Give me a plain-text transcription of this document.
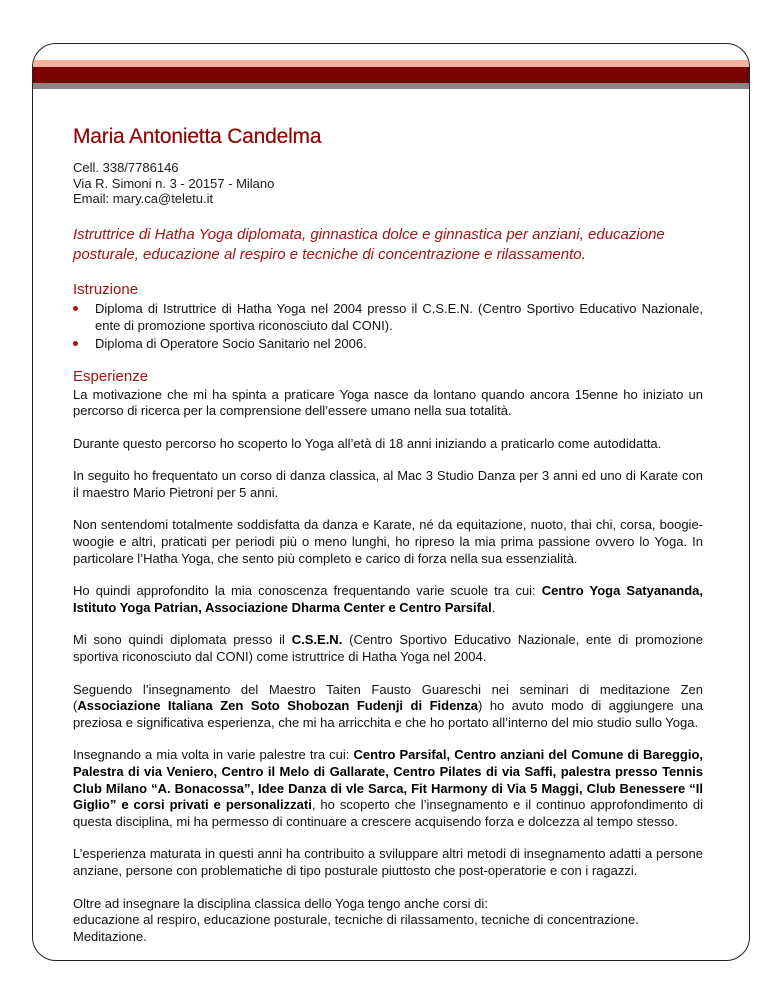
Maria Antonietta Candelma
Cell. 338/7786146
Via R. Simoni n. 3 - 20157 - Milano
Email: mary.ca@teletu.it
Istruttrice di Hatha Yoga diplomata, ginnastica dolce e ginnastica per anziani, educazione posturale, educazione al respiro e tecniche di concentrazione e rilassamento.
Istruzione
Diploma di Istruttrice di Hatha Yoga nel 2004 presso il C.S.E.N. (Centro Sportivo Educativo Nazionale, ente di promozione sportiva riconosciuto dal CONI).
Diploma di Operatore Socio Sanitario nel 2006.
Esperienze

La motivazione che mi ha spinta a praticare Yoga nasce da lontano quando ancora 15enne ho iniziato un percorso di ricerca per la comprensione dell’essere umano nella sua totalità.

Durante questo percorso ho scoperto lo Yoga all’età di 18 anni iniziando a praticarlo come autodidatta.

In seguito ho frequentato un corso di danza classica, al Mac 3 Studio Danza per 3 anni ed uno di Karate con il maestro Mario Pietroni per 5 anni.

Non sentendomi totalmente soddisfatta da danza e Karate, né da equitazione, nuoto, thai chi, corsa, boogie-woogie e altri, praticati per periodi più o meno lunghi, ho ripreso la mia prima passione ovvero lo Yoga. In particolare l’Hatha Yoga, che sento più completo e carico di forza nella sua essenzialità.

Ho quindi approfondito la mia conoscenza frequentando varie scuole tra cui: Centro Yoga Satyananda, Istituto Yoga Patrian, Associazione Dharma Center e Centro Parsifal.

Mi sono quindi diplomata presso il C.S.E.N. (Centro Sportivo Educativo Nazionale, ente di promozione sportiva riconosciuto dal CONI) come istruttrice di Hatha Yoga nel 2004.

Seguendo l’insegnamento del Maestro Taiten Fausto Guareschi nei seminari di meditazione Zen (Associazione Italiana Zen Soto Shobozan Fudenji di Fidenza) ho avuto modo di aggiungere una preziosa e significativa esperienza, che mi ha arricchita e che ho portato all’interno del mio studio sullo Yoga.

Insegnando a mia volta in varie palestre tra cui: Centro Parsifal, Centro anziani del Comune di Bareggio, Palestra di via Veniero, Centro il Melo di Gallarate, Centro Pilates di via Saffi, palestra presso Tennis Club Milano “A. Bonacossa”, Idee Danza di vle Sarca, Fit Harmony di Via 5 Maggi, Club Benessere “Il Giglio” e corsi privati e personalizzati, ho scoperto che l’insegnamento e il continuo approfondimento di questa disciplina, mi ha permesso di continuare a crescere acquisendo forza e dolcezza al tempo stesso.

L’esperienza maturata in questi anni ha contribuito a sviluppare altri metodi di insegnamento adatti a persone anziane, persone con problematiche di tipo posturale piuttosto che post-operatorie e con i ragazzi.

Oltre ad insegnare la disciplina classica dello Yoga tengo anche corsi di:
educazione al respiro, educazione posturale, tecniche di rilassamento, tecniche di concentrazione.
Meditazione.
